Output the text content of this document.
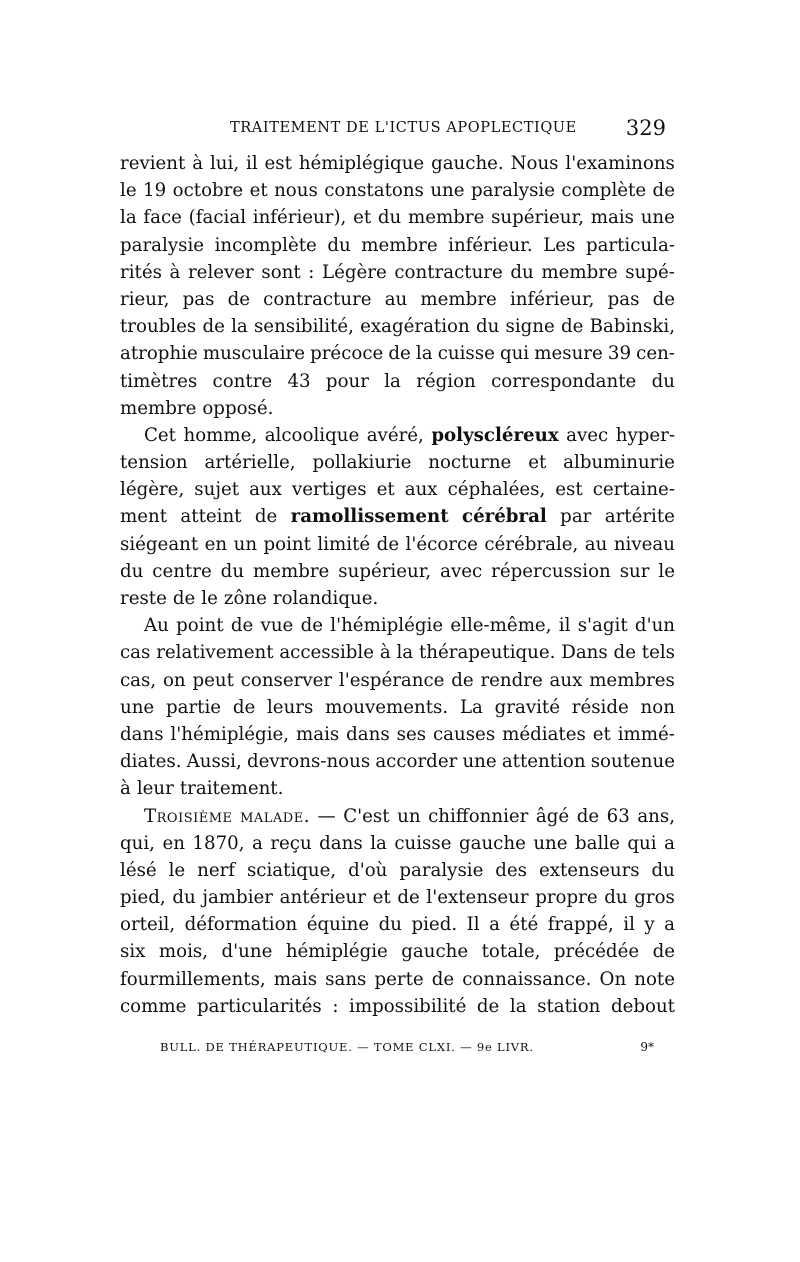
TRAITEMENT DE L'ICTUS APOPLECTIQUE 329
revient à lui, il est hémiplégique gauche. Nous l'examinons
le 19 octobre et nous constatons une paralysie complète de
la face (facial inférieur), et du membre supérieur, mais une
paralysie incomplète du membre inférieur. Les particula-
rités à relever sont : Légère contracture du membre supé-
rieur, pas de contracture au membre inférieur, pas de
troubles de la sensibilité, exagération du signe de Babinski,
atrophie musculaire précoce de la cuisse qui mesure 39 cen-
timètres contre 43 pour la région correspondante du
membre opposé.
Cet homme, alcoolique avéré, polyscléreux avec hyper-
tension artérielle, pollakiurie nocturne et albuminurie
légère, sujet aux vertiges et aux céphalées, est certaine-
ment atteint de ramollissement cérébral par artérite
siégeant en un point limité de l'écorce cérébrale, au niveau
du centre du membre supérieur, avec répercussion sur le
reste de le zône rolandique.
Au point de vue de l'hémiplégie elle-même, il s'agit d'un
cas relativement accessible à la thérapeutique. Dans de tels
cas, on peut conserver l'espérance de rendre aux membres
une partie de leurs mouvements. La gravité réside non
dans l'hémiplégie, mais dans ses causes médiates et immé-
diates. Aussi, devrons-nous accorder une attention soutenue
à leur traitement.
Troisième malade. — C'est un chiffonnier âgé de 63 ans,
qui, en 1870, a reçu dans la cuisse gauche une balle qui a
lésé le nerf sciatique, d'où paralysie des extenseurs du
pied, du jambier antérieur et de l'extenseur propre du gros
orteil, déformation équine du pied. Il a été frappé, il y a
six mois, d'une hémiplégie gauche totale, précédée de
fourmillements, mais sans perte de connaissance. On note
comme particularités : impossibilité de la station debout
BULL. DE THÉRAPEUTIQUE. — TOME CLXI. — 9e LIVR.	9*
